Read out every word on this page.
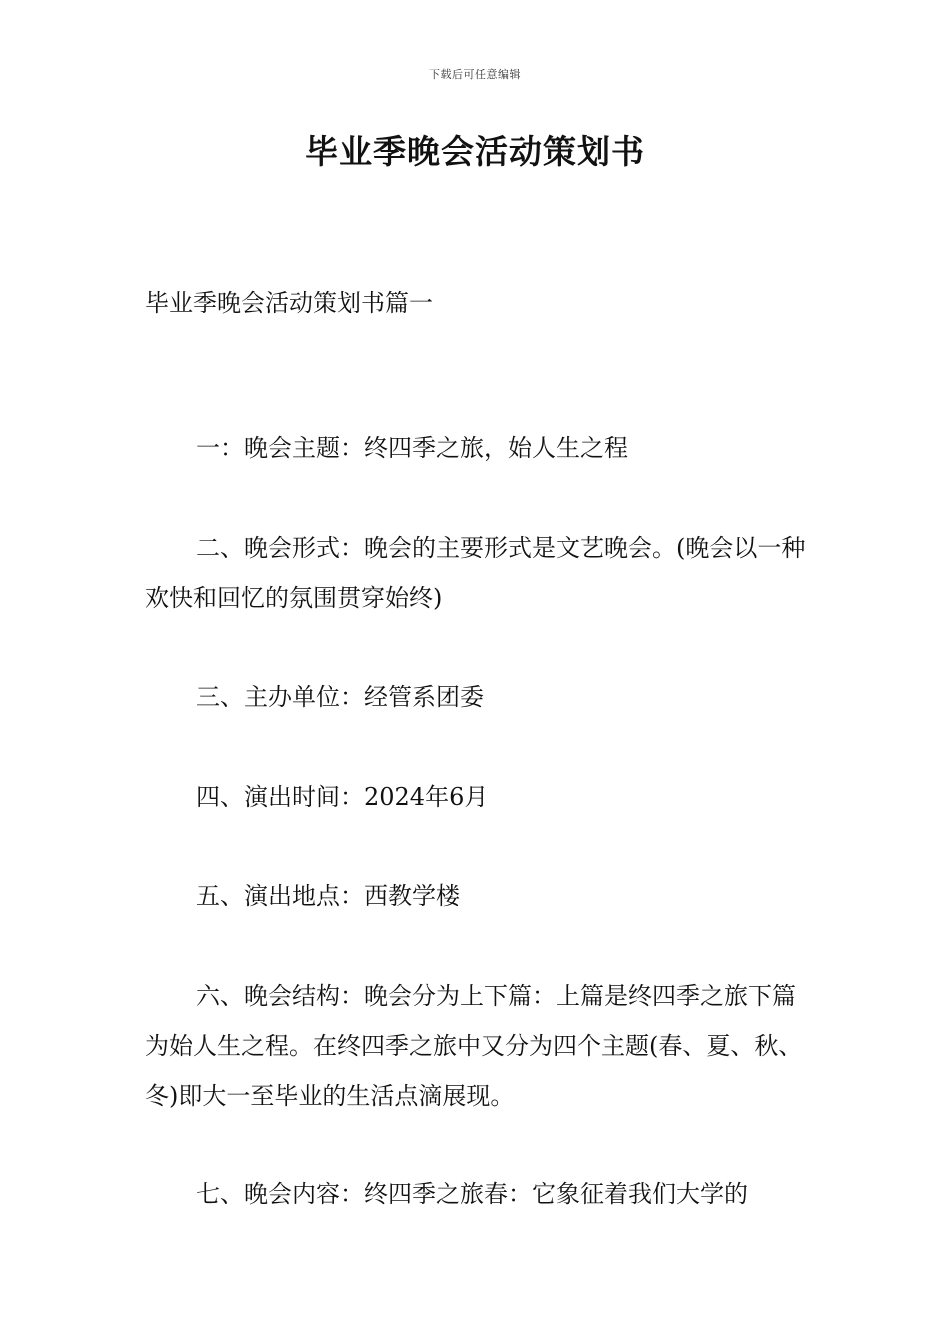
下载后可任意编辑
毕业季晚会活动策划书
毕业季晚会活动策划书篇一

一：晚会主题：终四季之旅，始人生之程

二、晚会形式：晚会的主要形式是文艺晚会。(晚会以一种欢快和回忆的氛围贯穿始终)

三、主办单位：经管系团委

四、演出时间：2024年6月

五、演出地点：西教学楼

六、晚会结构：晚会分为上下篇：上篇是终四季之旅下篇为始人生之程。在终四季之旅中又分为四个主题(春、夏、秋、冬)即大一至毕业的生活点滴展现。

七、晚会内容：终四季之旅春：它象征着我们大学的
